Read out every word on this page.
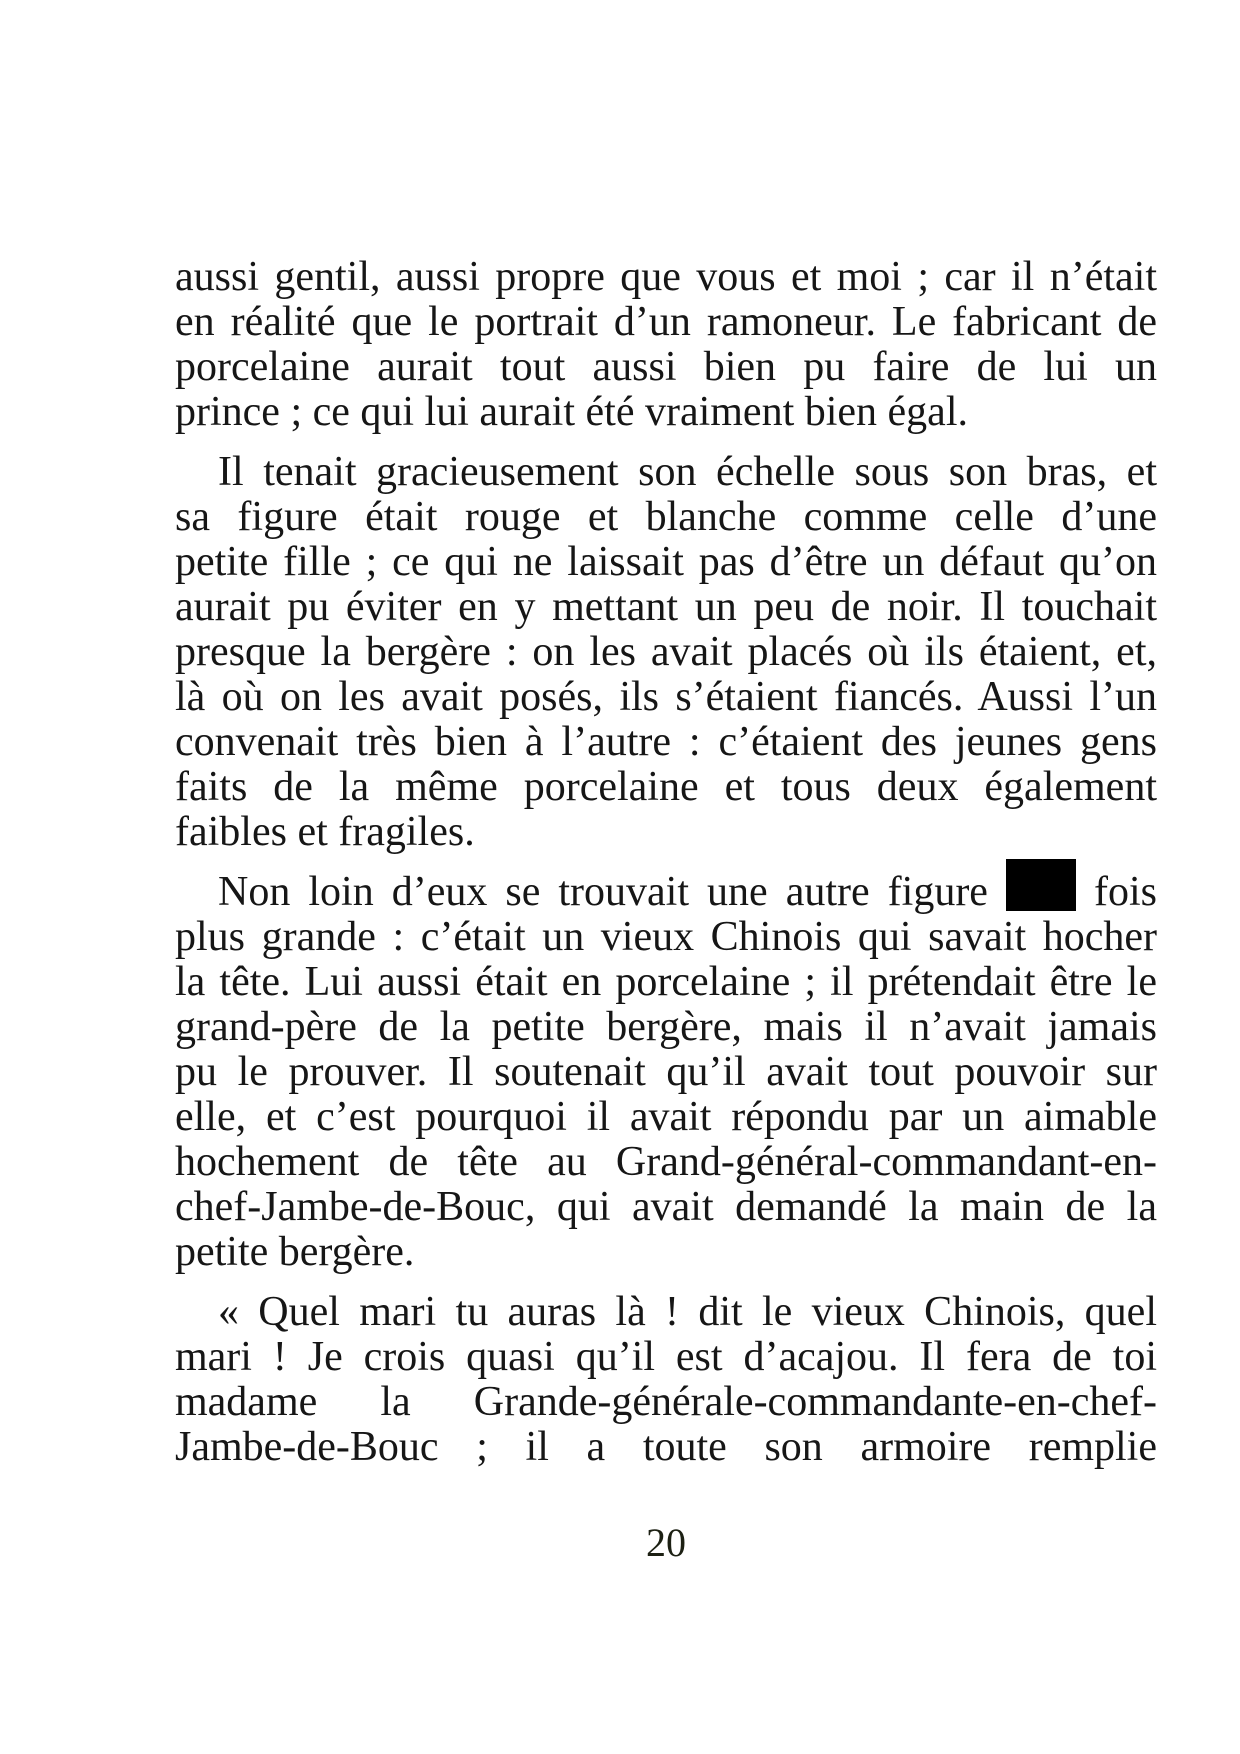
aussi gentil, aussi propre que vous et moi ; car il n’était
en réalité que le portrait d’un ramoneur. Le fabricant de
porcelaine aurait tout aussi bien pu faire de lui un
prince ; ce qui lui aurait été vraiment bien égal.
Il tenait gracieusement son échelle sous son bras, et
sa figure était rouge et blanche comme celle d’une
petite fille ; ce qui ne laissait pas d’être un défaut qu’on
aurait pu éviter en y mettant un peu de noir. Il touchait
presque la bergère : on les avait placés où ils étaient, et,
là où on les avait posés, ils s’étaient fiancés. Aussi l’un
convenait très bien à l’autre : c’étaient des jeunes gens
faits de la même porcelaine et tous deux également
faibles et fragiles.
Non loin d’eux se trouvait une autre figure	fois
plus grande : c’était un vieux Chinois qui savait hocher
la tête. Lui aussi était en porcelaine ; il prétendait être le
grand-père de la petite bergère, mais il n’avait jamais
pu le prouver. Il soutenait qu’il avait tout pouvoir sur
elle, et c’est pourquoi il avait répondu par un aimable
hochement de tête au Grand-général-commandant-en-
chef-Jambe-de-Bouc, qui avait demandé la main de la
petite bergère.
« Quel mari tu auras là ! dit le vieux Chinois, quel
mari ! Je crois quasi qu’il est d’acajou. Il fera de toi
madame la Grande-générale-commandante-en-chef-
Jambe-de-Bouc ; il a toute son armoire remplie
20
